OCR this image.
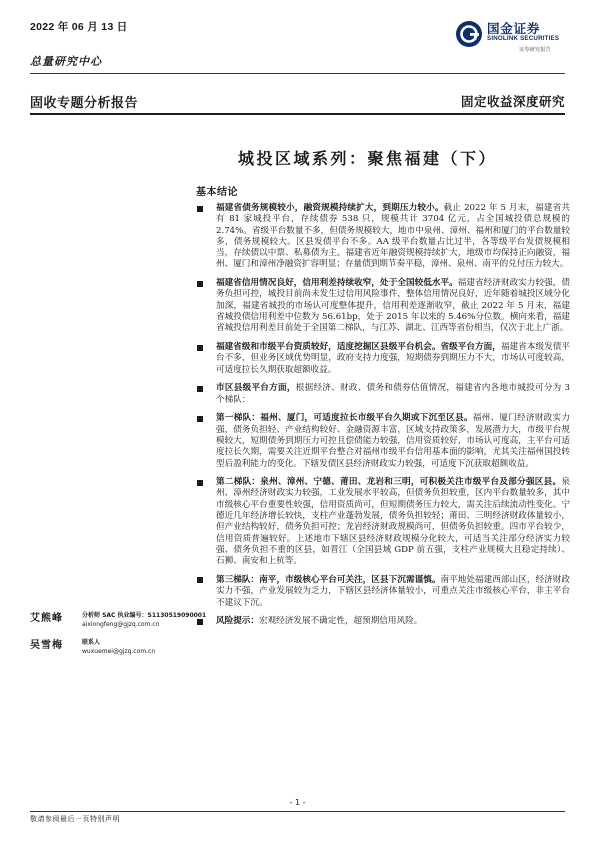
2022 年 06 月 13 日	国金证券
SINOLINK SECURITIES
证券研究报告
总量研究中心
固收专题分析报告	固定收益深度研究
城投区域系列：聚焦福建（下）
基本结论

福建省债务规模较小，融资规模持续扩大，到期压力较小。截止 2022 年 5 月末，福建省共有 81 家城投平台，存续债券 538 只，规模共计 3704 亿元，占全国城投债总规模的 2.74%。省级平台数量不多，但债务规模较大，地市中泉州、漳州、福州和厦门的平台数量较多，债务规模较大。区县发债平台不多。AA 级平台数量占比过半，各等级平台发债规模相当，存续债以中票、私募债为主。福建省近年融资规模持续扩大，地级市均保持正向融资，福州、厦门和漳州净融资扩容明显；存量债到期节奏平稳，漳州、泉州、南平的兑付压力较大。

福建省信用情况良好，信用利差持续收窄，处于全国较低水平。福建省经济财政实力较强，债务负担可控，城投目前尚未发生过信用风险事件，整体信用情况良好，近年随着城投区域分化加深，福建省城投的市场认可度整体提升，信用利差逐渐收窄，截止 2022 年 5 月末，福建省城投债信用利差中位数为 56.61bp，处于 2015 年以来的 5.46%分位数。横向来看，福建省城投信用利差目前处于全国第二梯队，与江苏、湖北、江西等省份相当，仅次于北上广浙。

福建省级和市级平台资质较好，适度挖掘区县级平台机会。省级平台方面，福建省本级发债平台不多，但业务区域优势明显，政府支持力度强，短期债券到期压力不大，市场认可度较高，可适度拉长久期获取超额收益。

市区县级平台方面，根据经济、财政、债务和债券估值情况，福建省内各地市城投可分为 3 个梯队：

第一梯队：福州、厦门，可适度拉长市级平台久期或下沉至区县。福州、厦门经济财政实力强，债务负担轻、产业结构较好、金融资源丰富，区域支持政策多，发展潜力大，市级平台规模较大，短期债务到期压力可控且偿债能力较强，信用资质较好，市场认可度高，主平台可适度拉长久期，需要关注近期平台整合对福州市级平台信用基本面的影响，尤其关注福州国投转型后盈利能力的变化。下辖发债区县经济财政实力较强，可适度下沉获取超额收益。

第二梯队：泉州、漳州、宁德、莆田、龙岩和三明，可积极关注市级平台及部分强区县。泉州、漳州经济财政实力较强，工业发展水平较高，但债务负担较重，区内平台数量较多，其中市级核心平台重要性较强，信用资质尚可，但短期债务压力较大，需关注后续流动性变化。宁德近几年经济增长较快，支柱产业蓬勃发展，债务负担较轻；莆田、三明经济财政体量较小，但产业结构较好，债务负担可控；龙岩经济财政规模尚可，但债务负担较重。四市平台较少，信用资质普遍较好。上述地市下辖区县经济财政规模分化较大，可适当关注部分经济实力较强、债务负担不重的区县，如晋江（全国县域 GDP 前五强，支柱产业规模大且稳定持续）、石狮、南安和上杭等。

第三梯队：南平，市级核心平台可关注，区县下沉需谨慎。南平地处福建西部山区，经济财政实力不强，产业发展较为乏力，下辖区县经济体量较小，可重点关注市级核心平台，非主平台不建议下沉。

风险提示：宏观经济发展不确定性，超预期信用风险。

艾熊峰	分析师 SAC 执业编号：S1130519090001
aixiongfeng@gjzq.com.cn
吴雪梅	联系人
wuxuemei@gjzq.com.cn
- 1 -
敬请参阅最后一页特别声明
